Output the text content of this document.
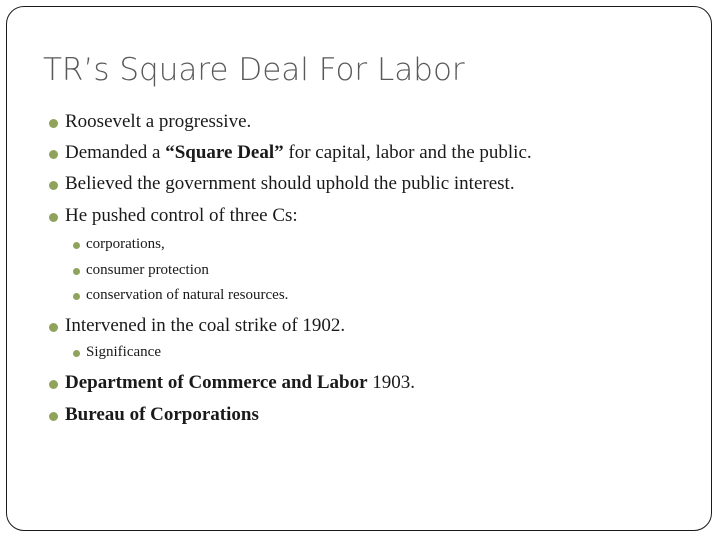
TR’s Square Deal For Labor
Roosevelt a progressive.
Demanded a “Square Deal” for capital, labor and the public.
Believed the government should uphold the public interest.
He pushed control of three Cs:
corporations,
consumer protection
conservation of natural resources.
Intervened in the coal strike of 1902.
Significance
Department of Commerce and Labor 1903.
Bureau of Corporations
